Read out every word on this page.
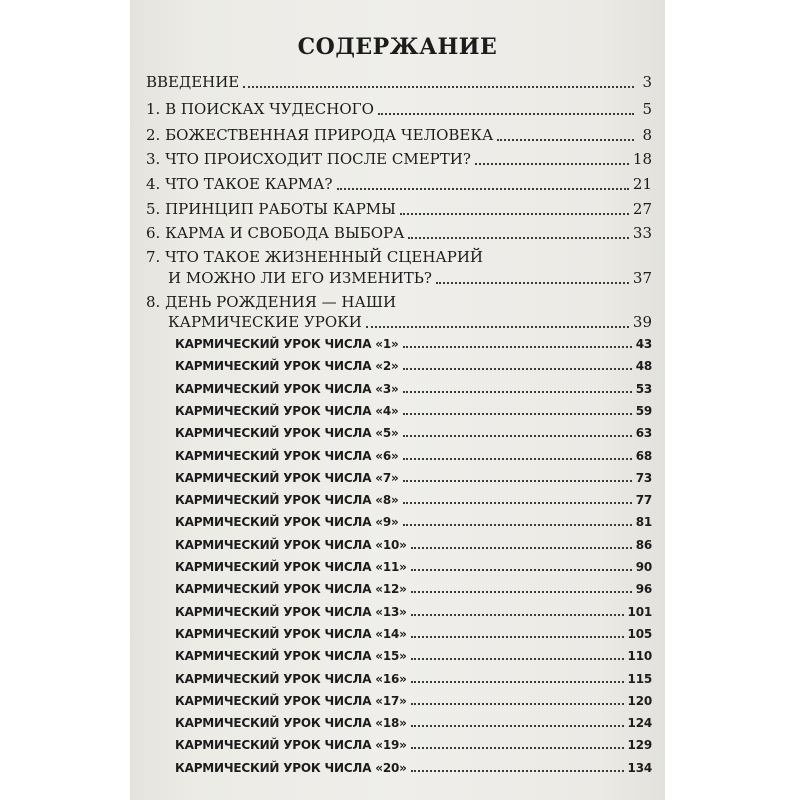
СОДЕРЖАНИЕ
ВВЕДЕНИЕ	3
1. В ПОИСКАХ ЧУДЕСНОГО	5
2. БОЖЕСТВЕННАЯ ПРИРОДА ЧЕЛОВЕКА	8
3. ЧТО ПРОИСХОДИТ ПОСЛЕ СМЕРТИ?	18
4. ЧТО ТАКОЕ КАРМА?	21
5. ПРИНЦИП РАБОТЫ КАРМЫ	27
6. КАРМА И СВОБОДА ВЫБОРА	33
7. ЧТО ТАКОЕ ЖИЗНЕННЫЙ СЦЕНАРИЙ
И МОЖНО ЛИ ЕГО ИЗМЕНИТЬ?	37
8. ДЕНЬ РОЖДЕНИЯ — НАШИ
КАРМИЧЕСКИЕ УРОКИ	39
КАРМИЧЕСКИЙ УРОК ЧИСЛА «1»	43
КАРМИЧЕСКИЙ УРОК ЧИСЛА «2»	48
КАРМИЧЕСКИЙ УРОК ЧИСЛА «3»	53
КАРМИЧЕСКИЙ УРОК ЧИСЛА «4»	59
КАРМИЧЕСКИЙ УРОК ЧИСЛА «5»	63
КАРМИЧЕСКИЙ УРОК ЧИСЛА «6»	68
КАРМИЧЕСКИЙ УРОК ЧИСЛА «7»	73
КАРМИЧЕСКИЙ УРОК ЧИСЛА «8»	77
КАРМИЧЕСКИЙ УРОК ЧИСЛА «9»	81
КАРМИЧЕСКИЙ УРОК ЧИСЛА «10»	86
КАРМИЧЕСКИЙ УРОК ЧИСЛА «11»	90
КАРМИЧЕСКИЙ УРОК ЧИСЛА «12»	96
КАРМИЧЕСКИЙ УРОК ЧИСЛА «13»	101
КАРМИЧЕСКИЙ УРОК ЧИСЛА «14»	105
КАРМИЧЕСКИЙ УРОК ЧИСЛА «15»	110
КАРМИЧЕСКИЙ УРОК ЧИСЛА «16»	115
КАРМИЧЕСКИЙ УРОК ЧИСЛА «17»	120
КАРМИЧЕСКИЙ УРОК ЧИСЛА «18»	124
КАРМИЧЕСКИЙ УРОК ЧИСЛА «19»	129
КАРМИЧЕСКИЙ УРОК ЧИСЛА «20»	134
